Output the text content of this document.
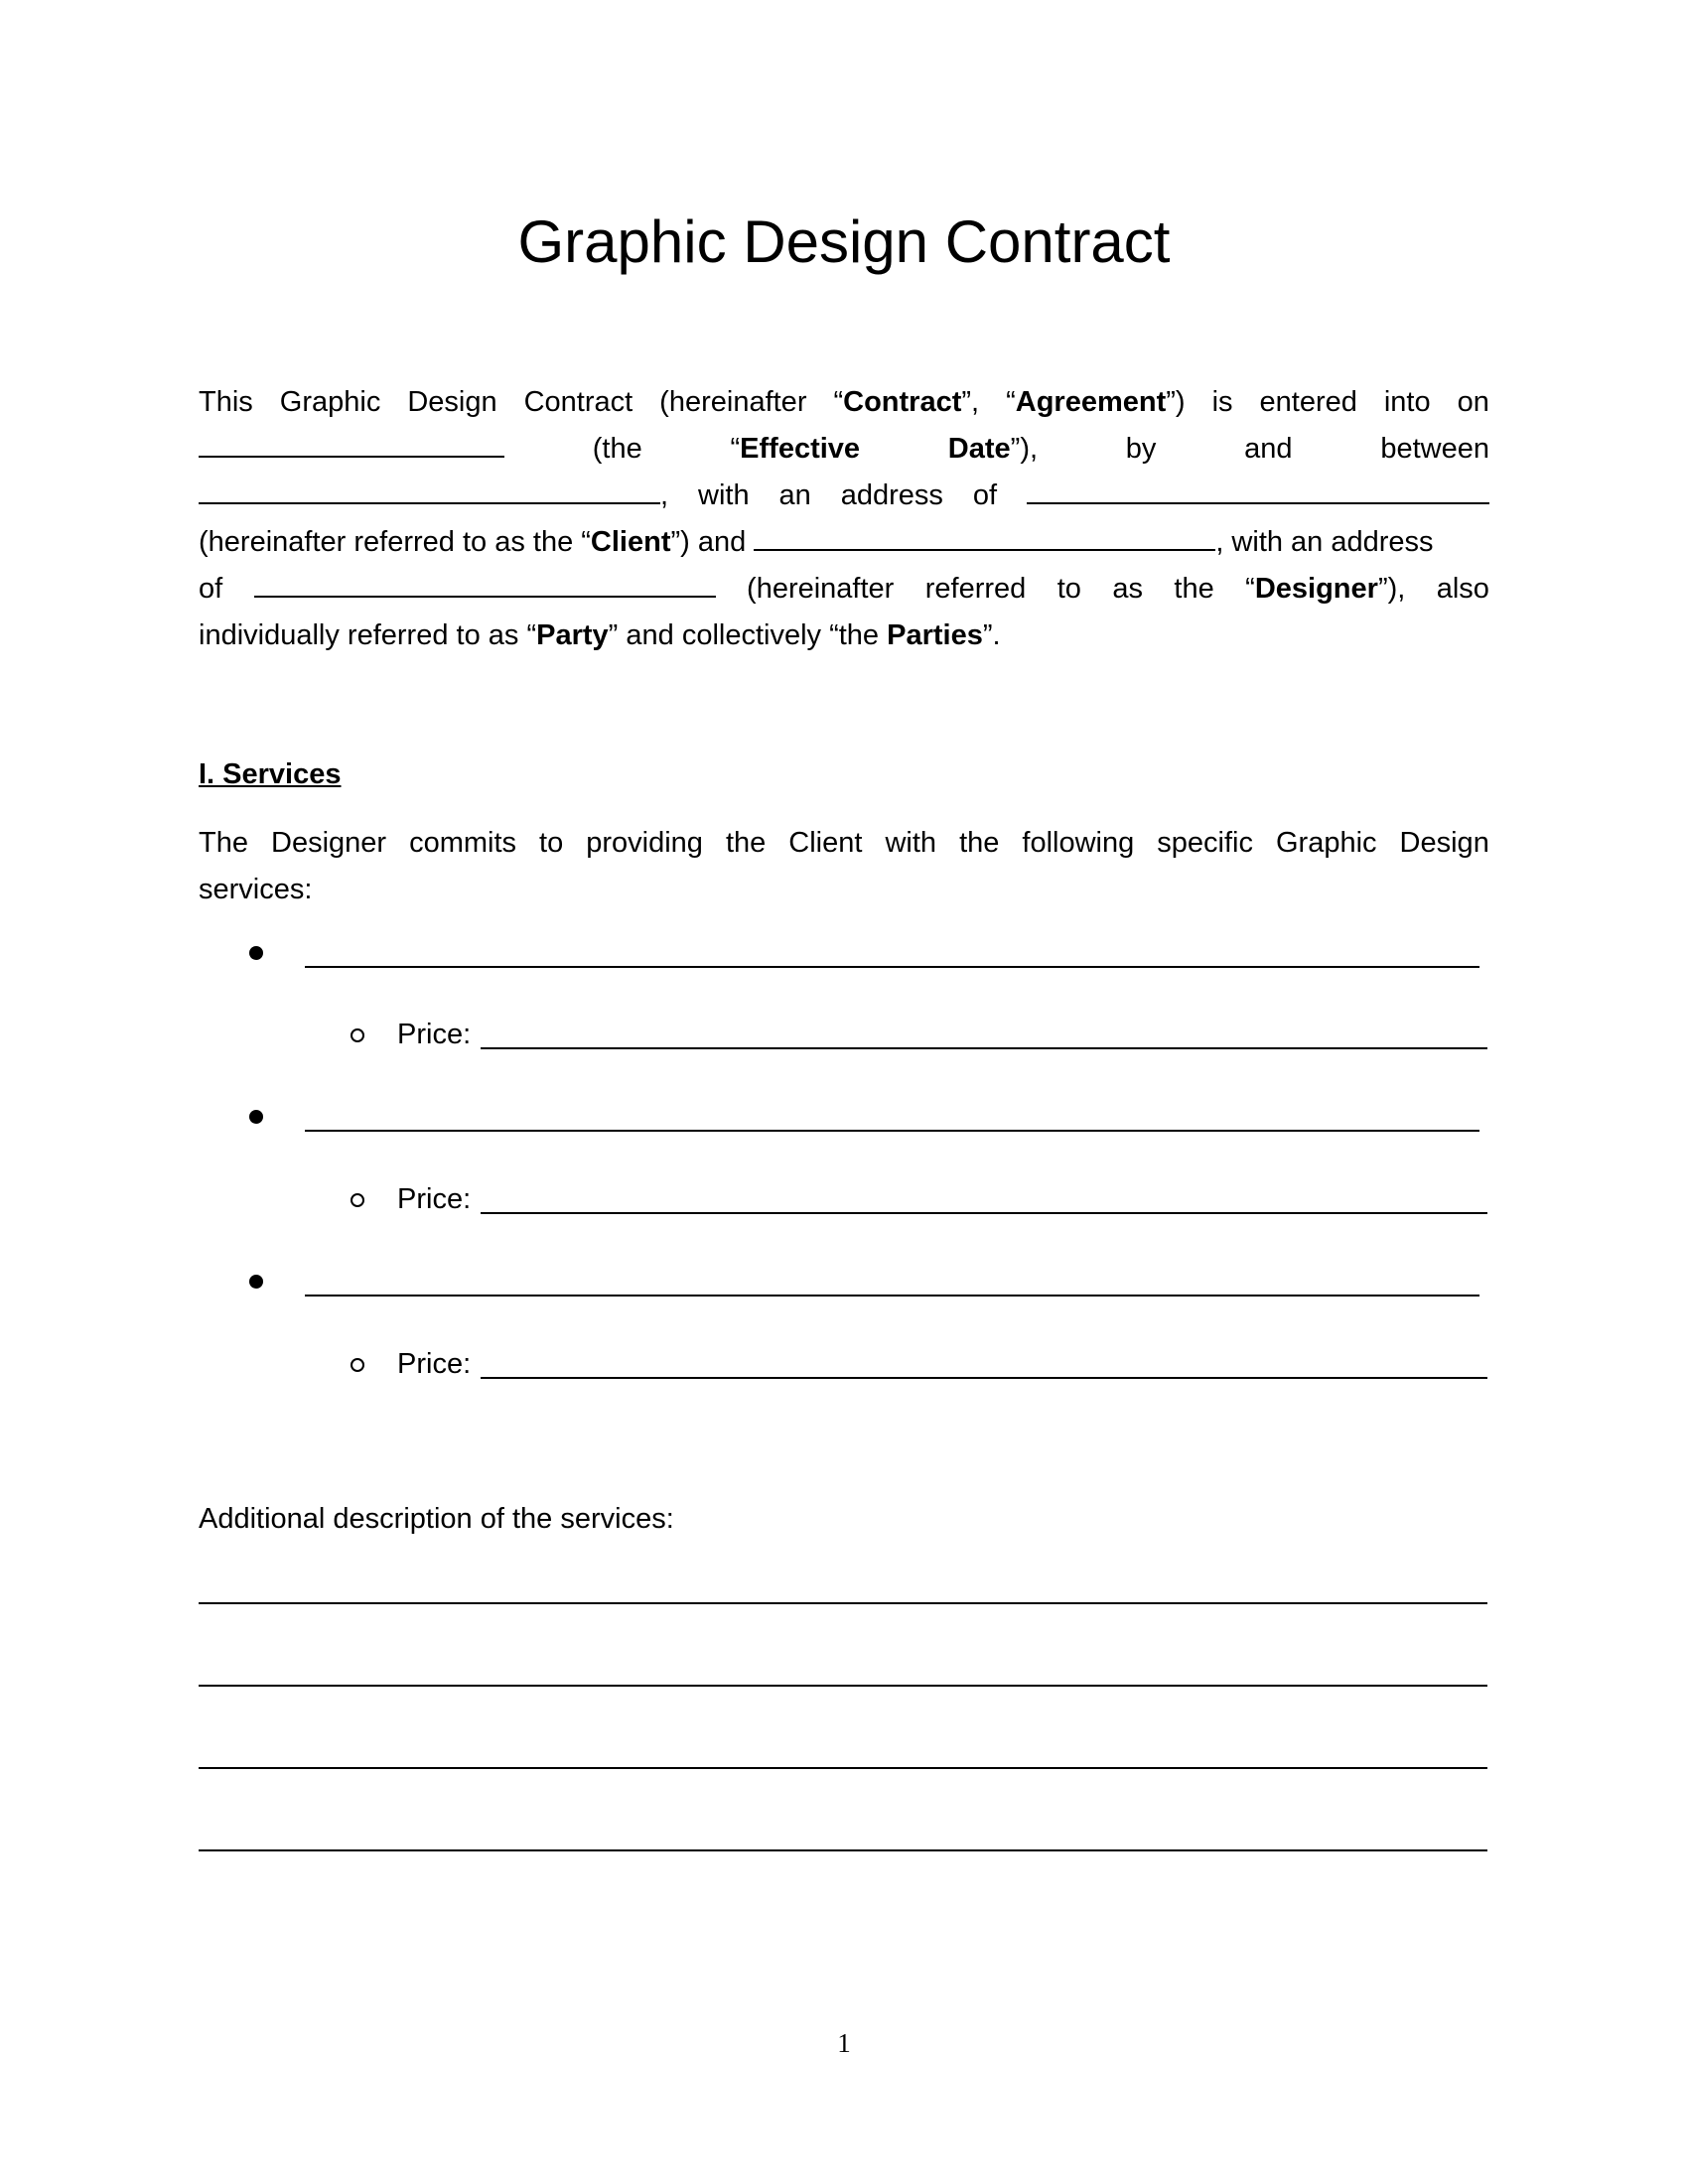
Graphic Design Contract
This Graphic Design Contract (hereinafter “Contract”, “Agreement”) is entered into on
(the	“Effective	Date”),	by	and	between
, with an address of
(hereinafter referred to as the “Client”) and	, with an address
of	(hereinafter referred to as the “Designer”), also
individually referred to as “Party” and collectively “the Parties”.
I. Services
The Designer commits to providing the Client with the following specific Graphic Design
services:
Price:
Price:
Price:
Additional description of the services:
1
